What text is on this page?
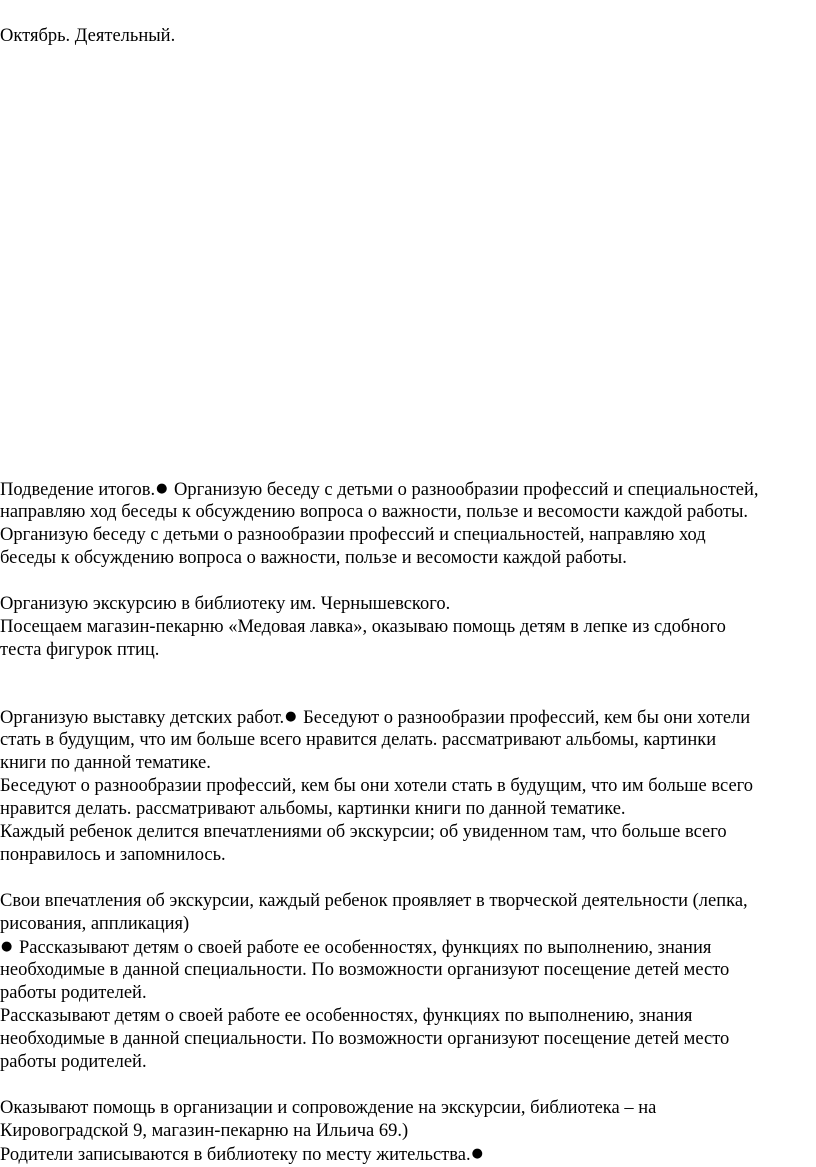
Октябрь. Деятельный.
Подведение итогов.● Организую беседу с детьми о разнообразии профессий и специальностей,
направляю ход беседы к обсуждению вопроса о важности, пользе и весомости каждой работы.
Организую беседу с детьми о разнообразии профессий и специальностей, направляю ход
беседы к обсуждению вопроса о важности, пользе и весомости каждой работы.
Организую экскурсию в библиотеку им. Чернышевского.
Посещаем магазин-пекарню «Медовая лавка», оказываю помощь детям в лепке из сдобного
теста фигурок птиц.
Организую выставку детских работ.● Беседуют о разнообразии профессий, кем бы они хотели
стать в будущим, что им больше всего нравится делать. рассматривают альбомы, картинки
книги по данной тематике.
Беседуют о разнообразии профессий, кем бы они хотели стать в будущим, что им больше всего
нравится делать. рассматривают альбомы, картинки книги по данной тематике.
Каждый ребенок делится впечатлениями об экскурсии; об увиденном там, что больше всего
понравилось и запомнилось.
Свои впечатления об экскурсии, каждый ребенок проявляет в творческой деятельности (лепка,
рисования, аппликация)
● Рассказывают детям о своей работе ее особенностях, функциях по выполнению, знания
необходимые в данной специальности. По возможности организуют посещение детей место
работы родителей.
Рассказывают детям о своей работе ее особенностях, функциях по выполнению, знания
необходимые в данной специальности. По возможности организуют посещение детей место
работы родителей.
Оказывают помощь в организации и сопровождение на экскурсии, библиотека – на
Кировоградской 9, магазин-пекарню на Ильича 69.)
Родители записываются в библиотеку по месту жительства.●
